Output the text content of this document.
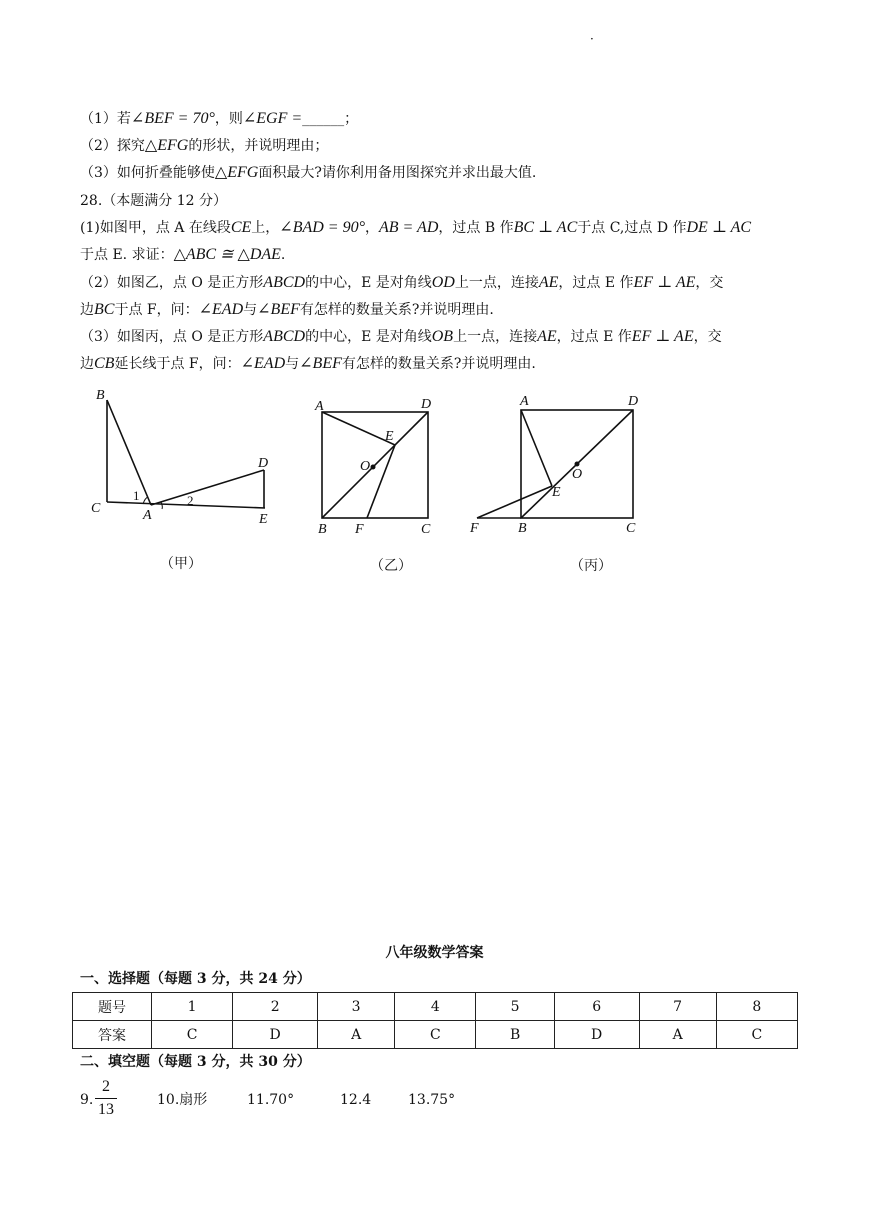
·
（1）若∠BEF = 70°，则∠EGF =______；
（2）探究△EFG的形状，并说明理由；
（3）如何折叠能够使△EFG面积最大?请你利用备用图探究并求出最大值.
28.（本题满分 12 分）
(1)如图甲，点 A 在线段CE上，∠BAD = 90°，AB = AD，过点 B 作BC ⊥ AC于点 C,过点 D 作DE ⊥ AC
于点 E. 求证：△ABC ≅ △DAE.
（2）如图乙，点 O 是正方形ABCD的中心，E 是对角线OD上一点，连接AE，过点 E 作EF ⊥ AE，交
边BC于点 F，问：∠EAD与∠BEF有怎样的数量关系?并说明理由.
（3）如图丙，点 O 是正方形ABCD的中心，E 是对角线OB上一点，连接AE，过点 E 作EF ⊥ AE，交
边CB延长线于点 F，问：∠EAD与∠BEF有怎样的数量关系?并说明理由.
B
C	A
D
E
1	2
（甲）
A	D
E
O
B F	C
（乙）
A	D
O
E
F	B	C
（丙）
八年级数学答案
一、选择题（每题 3 分，共 24 分）
题号	1	2	3	4	5	6	7	8
答案	C	D	A	C	B	D	A	C
二、填空题（每题 3 分，共 30 分）
9.
2
13
10.扇形	11.70°	12.4	13.75°
